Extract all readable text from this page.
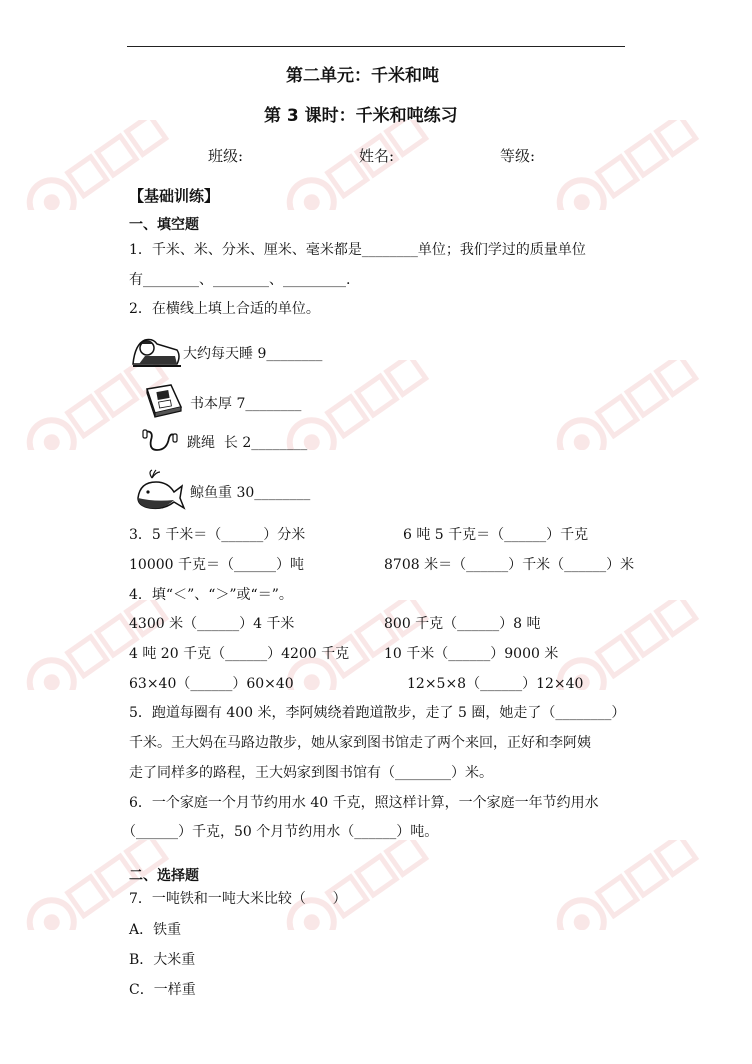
第二单元：千米和吨
第 3 课时：千米和吨练习
班级:	姓名:	等级:
【基础训练】
一、填空题
1．千米、米、分米、厘米、毫米都是________单位；我们学过的质量单位
有________、________、_________.
2．在横线上填上合适的单位。
大约每天睡 9________
书本厚 7________
跳绳  长 2________
鲸鱼重 30________
3．5 千米＝（______）分米	6 吨 5 千克＝（______）千克
10000 千克＝（______）吨	8708 米＝（______）千米（______）米
4．填“＜”、“＞”或“＝”。
4300 米（______）4 千米	800 千克（______）8 吨
4 吨 20 千克（______）4200 千克 10 千米（______）9000 米
63×40（______）60×40	12×5×8（______）12×40
5．跑道每圈有 400 米，李阿姨绕着跑道散步，走了 5 圈，她走了（________）
千米。王大妈在马路边散步，她从家到图书馆走了两个来回，正好和李阿姨
走了同样多的路程，王大妈家到图书馆有（________）米。
6．一个家庭一个月节约用水 40 千克，照这样计算，一个家庭一年节约用水
（______）千克，50 个月节约用水（______）吨。
二、选择题
7．一吨铁和一吨大米比较（      ）
A．铁重
B．大米重
C．一样重
